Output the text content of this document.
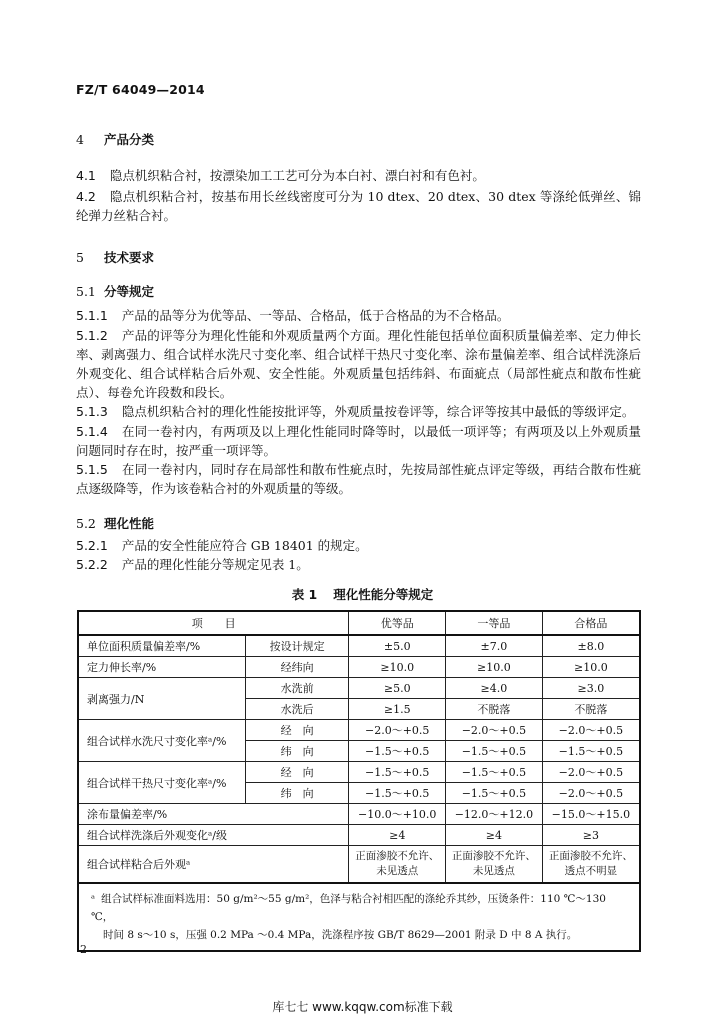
FZ/T 64049—2014
4 产品分类
4.1 隐点机织粘合衬，按漂染加工工艺可分为本白衬、漂白衬和有色衬。
4.2 隐点机织粘合衬，按基布用长丝线密度可分为 10 dtex、20 dtex、30 dtex 等涤纶低弹丝、锦纶弹力丝粘合衬。
5 技术要求
5.1 分等规定
5.1.1 产品的品等分为优等品、一等品、合格品，低于合格品的为不合格品。
5.1.2 产品的评等分为理化性能和外观质量两个方面。理化性能包括单位面积质量偏差率、定力伸长率、剥离强力、组合试样水洗尺寸变化率、组合试样干热尺寸变化率、涂布量偏差率、组合试样洗涤后外观变化、组合试样粘合后外观、安全性能。外观质量包括纬斜、布面疵点（局部性疵点和散布性疵点）、每卷允许段数和段长。
5.1.3 隐点机织粘合衬的理化性能按批评等，外观质量按卷评等，综合评等按其中最低的等级评定。
5.1.4 在同一卷衬内，有两项及以上理化性能同时降等时，以最低一项评等；有两项及以上外观质量问题同时存在时，按严重一项评等。
5.1.5 在同一卷衬内，同时存在局部性和散布性疵点时，先按局部性疵点评定等级，再结合散布性疵点逐级降等，作为该卷粘合衬的外观质量的等级。
5.2 理化性能
5.2.1 产品的安全性能应符合 GB 18401 的规定。
5.2.2 产品的理化性能分等规定见表 1。
表 1 理化性能分等规定
项　　目		优等品	一等品	合格品
单位面积质量偏差率/%	按设计规定	±5.0	±7.0	±8.0
定力伸长率/%	经纬向	≥10.0	≥10.0	≥10.0
剥离强力/N	水洗前	≥5.0	≥4.0	≥3.0
	水洗后	≥1.5	不脱落	不脱落
组合试样水洗尺寸变化率ᵃ/%	经　向	−2.0～+0.5	−2.0～+0.5	−2.0～+0.5
	纬　向	−1.5～+0.5	−1.5～+0.5	−1.5～+0.5
组合试样干热尺寸变化率ᵃ/%	经　向	−1.5～+0.5	−1.5～+0.5	−2.0～+0.5
	纬　向	−1.5～+0.5	−1.5～+0.5	−2.0～+0.5
涂布量偏差率/%		−10.0～+10.0	−12.0～+12.0	−15.0～+15.0
组合试样洗涤后外观变化ᵃ/级		≥4	≥4	≥3
组合试样粘合后外观ᵃ		正面渗胶不允许、
未见透点	正面渗胶不允许、
未见透点	正面渗胶不允许、
透点不明显
ᵃ 组合试样标准面料选用：50 g/m²～55 g/m²，色泽与粘合衬相匹配的涤纶乔其纱，压烫条件：110 ℃～130 ℃，
时间 8 s～10 s，压强 0.2 MPa ～0.4 MPa，洗涤程序按 GB/T 8629—2001 附录 D 中 8 A 执行。				
2
库七七 www.kqqw.com标准下载
